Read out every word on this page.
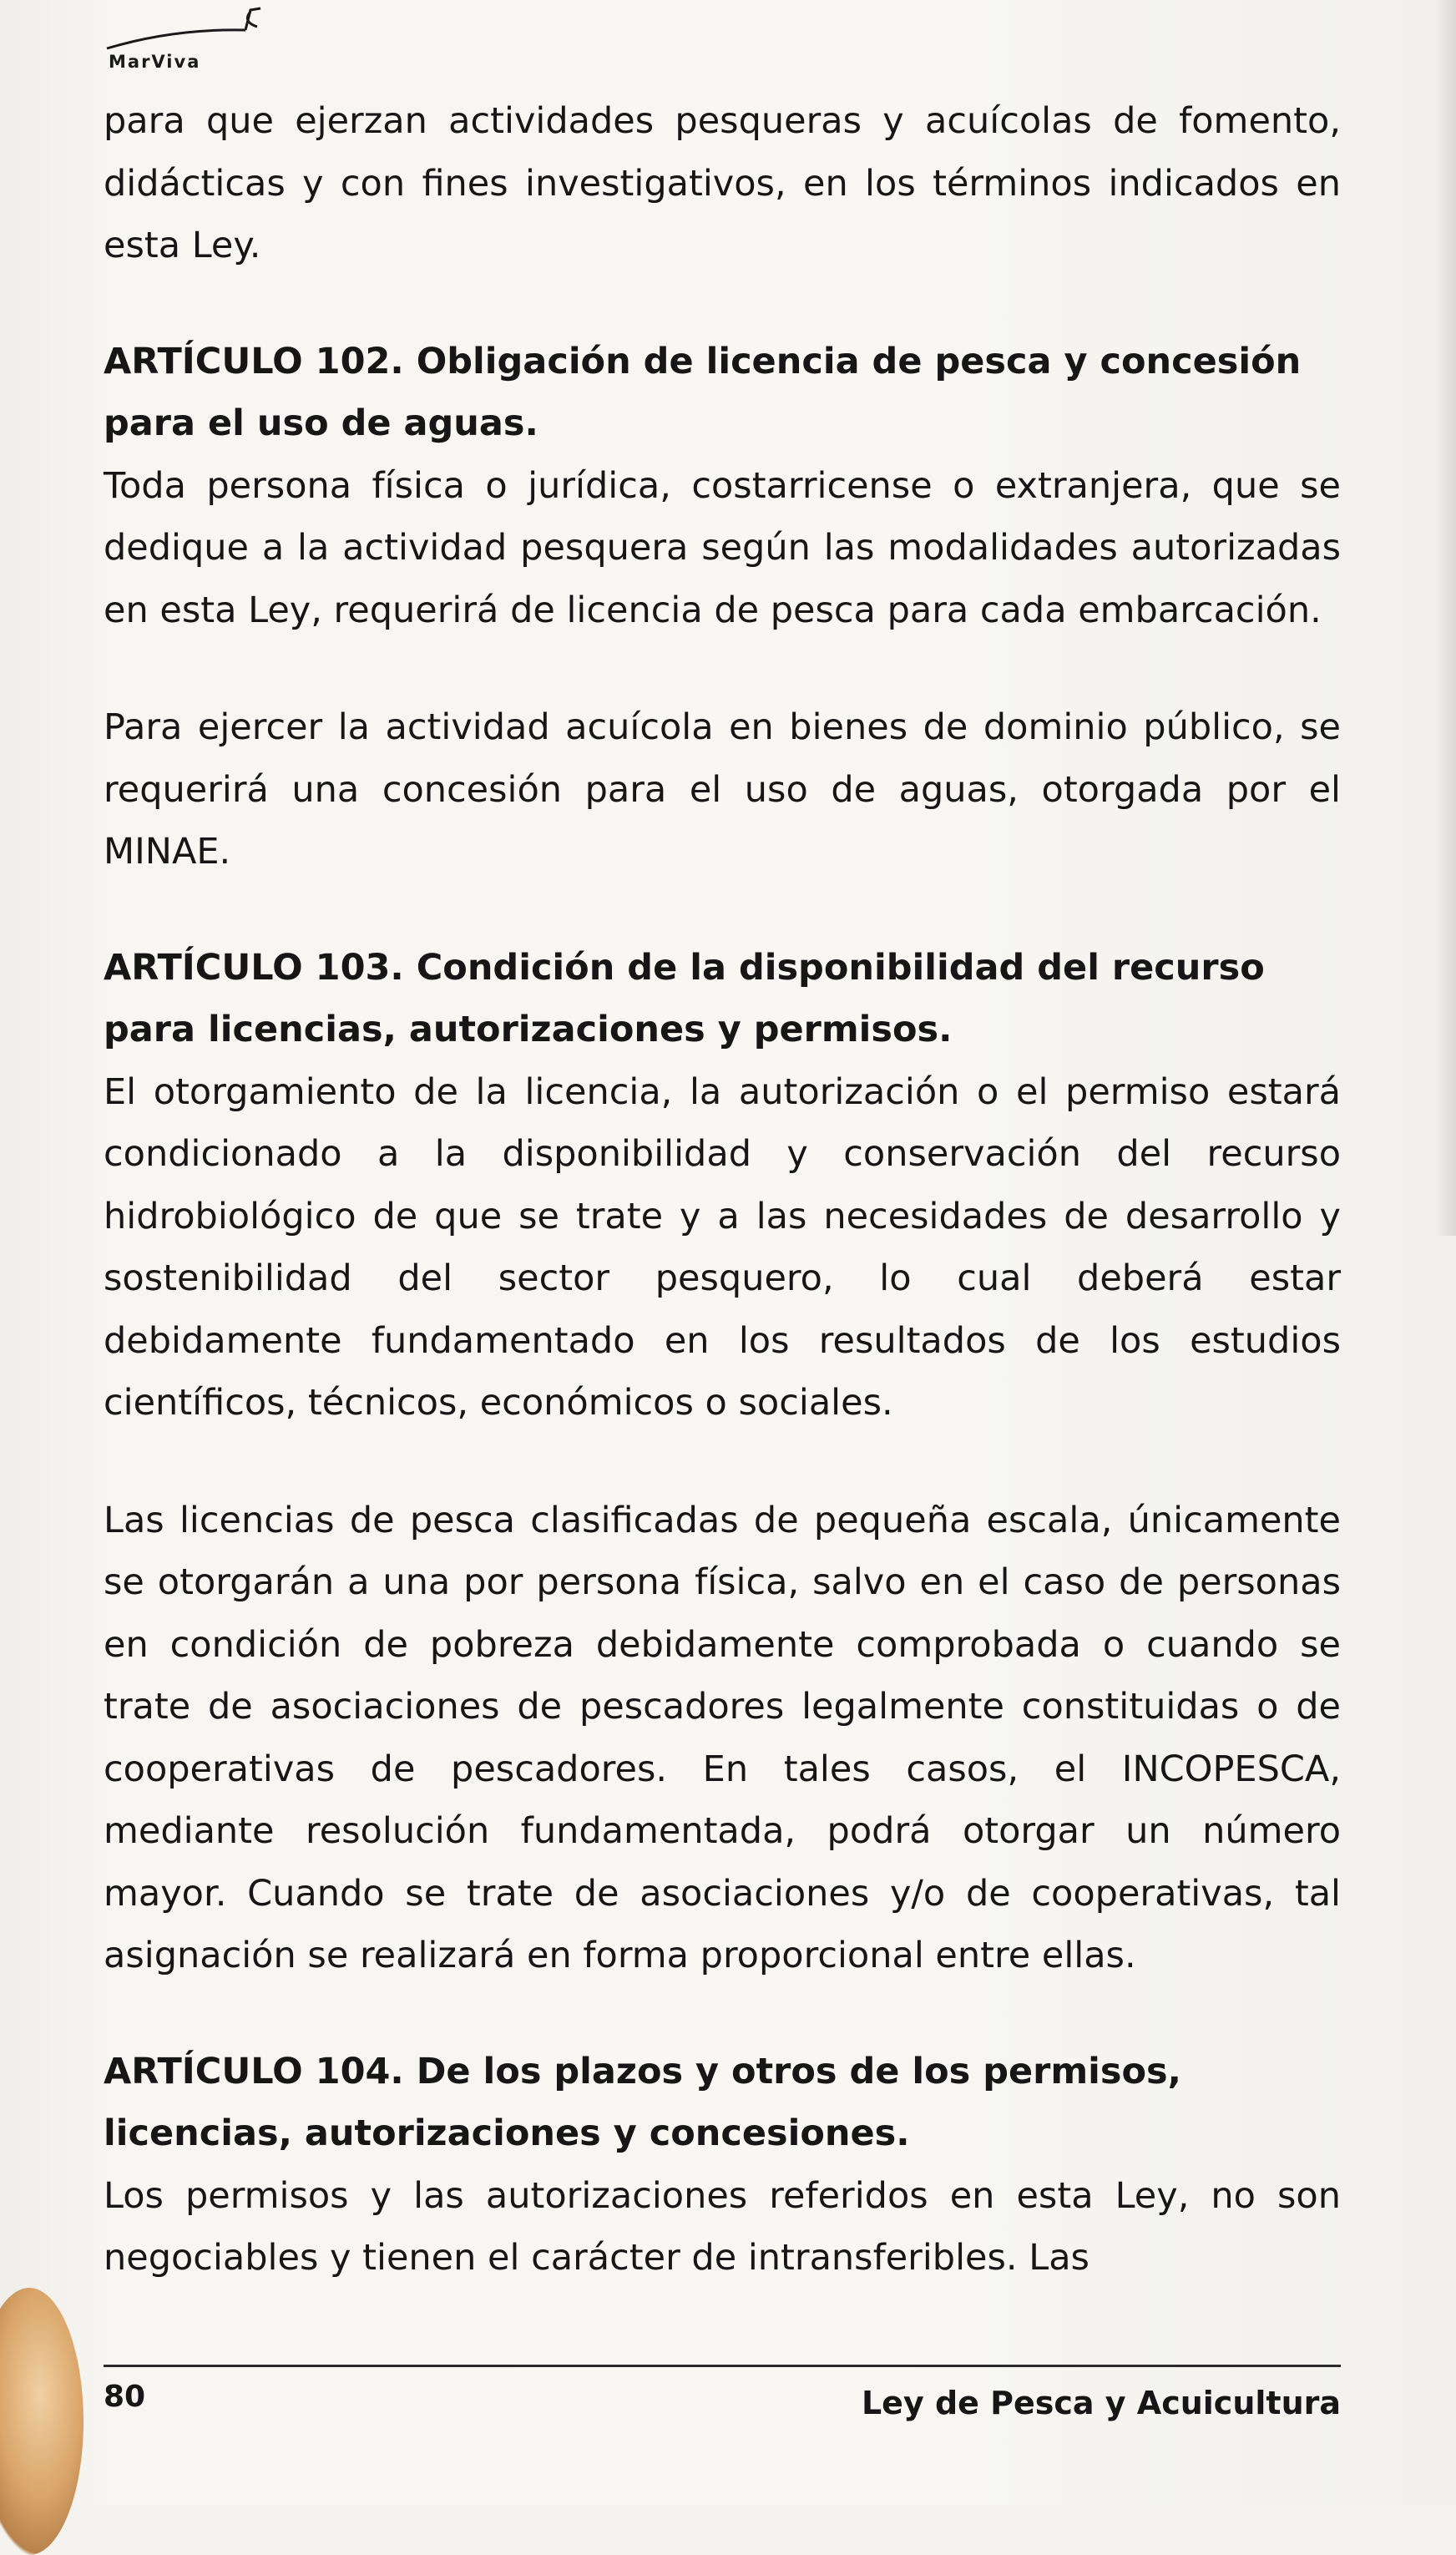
MarViva

para que ejerzan actividades pesqueras y acuícolas de fomento, didácticas y con fines investigativos, en los términos indicados en esta Ley.

ARTÍCULO 102. Obligación de licencia de pesca y concesión para el uso de aguas.

Toda persona física o jurídica, costarricense o extranjera, que se dedique a la actividad pesquera según las modalidades autorizadas en esta Ley, requerirá de licencia de pesca para cada embarcación.

Para ejercer la actividad acuícola en bienes de dominio público, se requerirá una concesión para el uso de aguas, otorgada por el MINAE.

ARTÍCULO 103. Condición de la disponibilidad del recurso para licencias, autorizaciones y permisos.

El otorgamiento de la licencia, la autorización o el permiso estará condicionado a la disponibilidad y conservación del recurso hidrobiológico de que se trate y a las necesidades de desarrollo y sostenibilidad del sector pesquero, lo cual deberá estar debidamente fundamentado en los resultados de los estudios científicos, técnicos, económicos o sociales.

Las licencias de pesca clasificadas de pequeña escala, únicamente se otorgarán a una por persona física, salvo en el caso de personas en condición de pobreza debidamente comprobada o cuando se trate de asociaciones de pescadores legalmente constituidas o de cooperativas de pescadores. En tales casos, el INCOPESCA, mediante resolución fundamentada, podrá otorgar un número mayor. Cuando se trate de asociaciones y/o de cooperativas, tal asignación se realizará en forma proporcional entre ellas.

ARTÍCULO 104. De los plazos y otros de los permisos, licencias, autorizaciones y concesiones.

Los permisos y las autorizaciones referidos en esta Ley, no son negociables y tienen el carácter de intransferibles. Las

80	Ley de Pesca y Acuicultura
